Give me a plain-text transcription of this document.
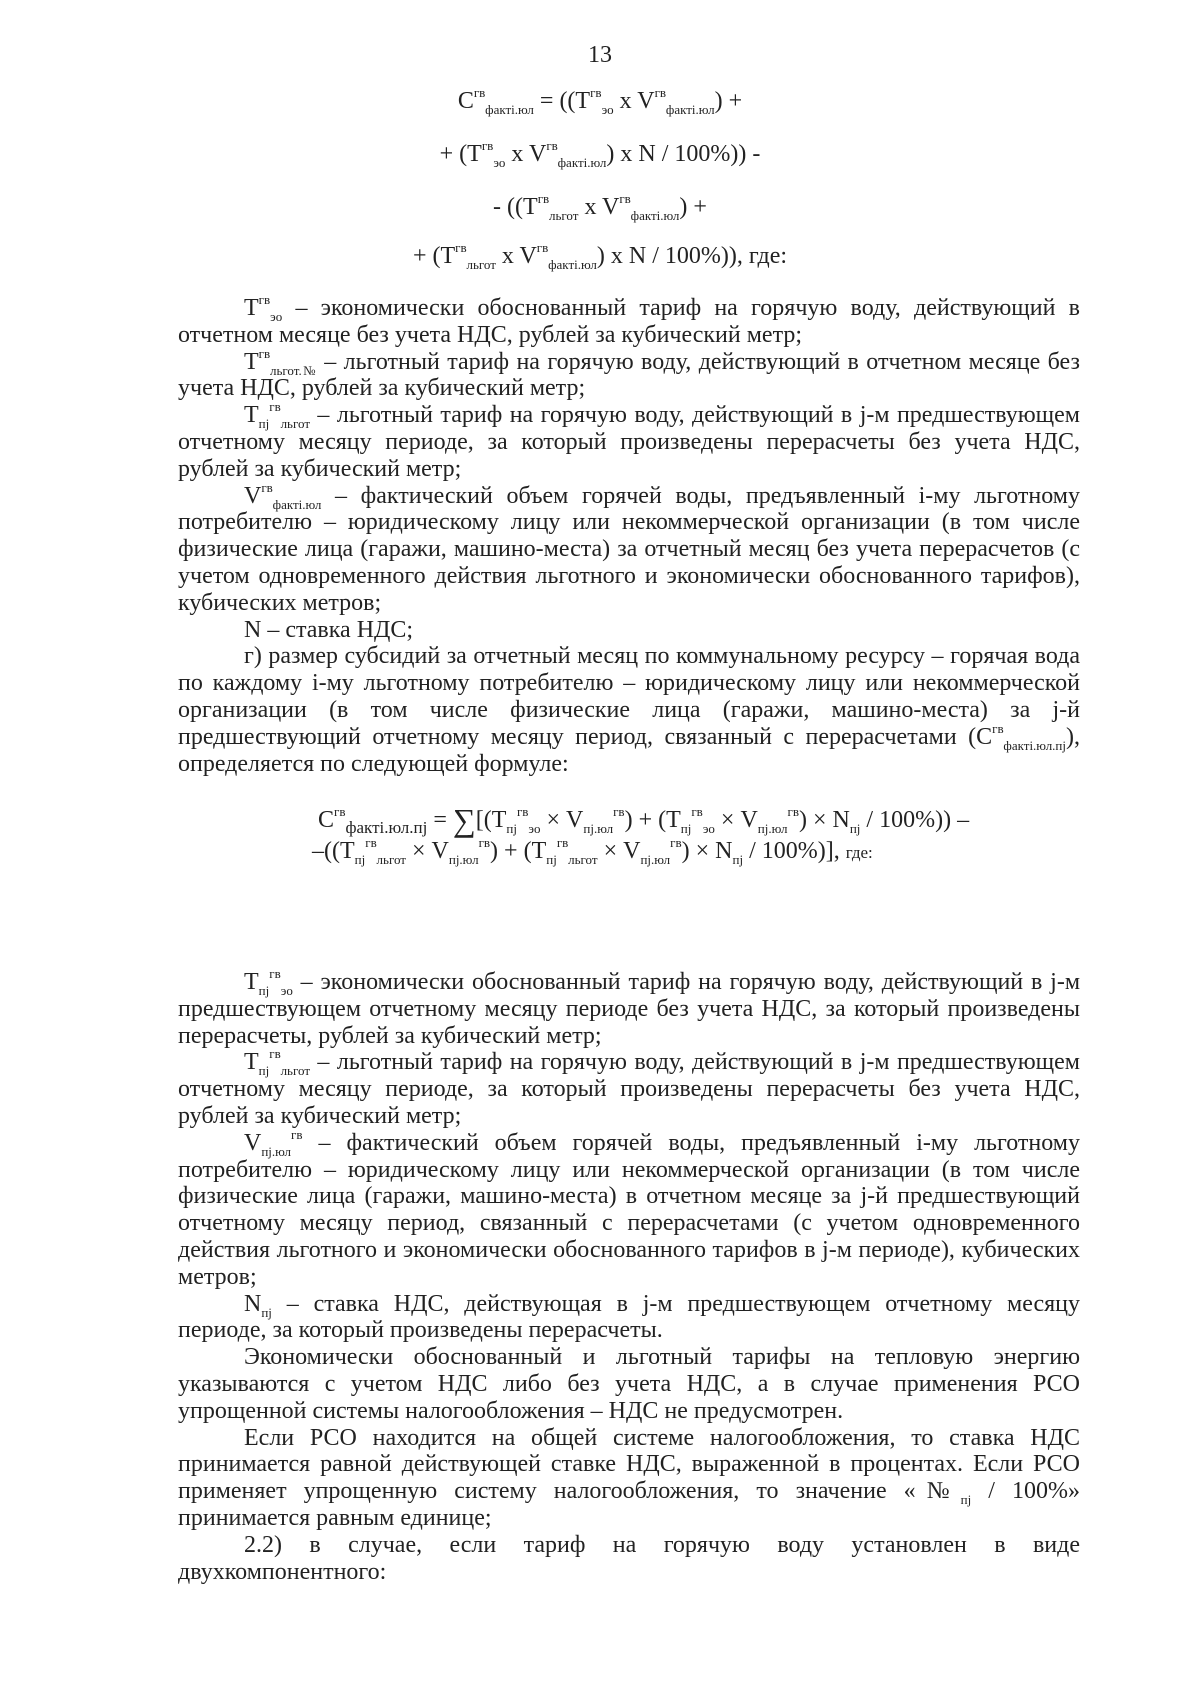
13
$C^{гв}_{фактi.юл} = ((T^{гв}_{эо}$ x $V^{гв}_{фактi.юл}$) +
+ ($T^{гв}_{эо}$ x $V^{гв}_{фактi.юл}$) x N / 100%)) -
- (($T^{гв}_{льгот}$ x $V^{гв}_{фактi.юл}$) +
+ ($T^{гв}_{льгот}$ x $V^{гв}_{фактi.юл}$) x N / 100%)), где:

$T^{гв}_{эо}$ – экономически обоснованный тариф на горячую воду, действующий в отчетном месяце без учета НДС, рублей за кубический метр;

$T^{гв}_{льгот.№}$ – льготный тариф на горячую воду, действующий в отчетном месяце без учета НДС, рублей за кубический метр;

$T_{пj}^{гв}_{льгот}$ – льготный тариф на горячую воду, действующий в j-м предшествующем отчетному месяцу периоде, за который произведены перерасчеты без учета НДС, рублей за кубический метр;

$V^{гв}_{фактi.юл}$ – фактический объем горячей воды, предъявленный i-му льготному потребителю – юридическому лицу или некоммерческой организации (в том числе физические лица (гаражи, машино-места) за отчетный месяц без учета перерасчетов (с учетом одновременного действия льготного и экономически обоснованного тарифов), кубических метров;

N – ставка НДС;

г) размер субсидий за отчетный месяц по коммунальному ресурсу – горячая вода по каждому i-му льготному потребителю – юридическому лицу или некоммерческой организации (в том числе физические лица (гаражи, машино-места) за j-й предшествующий отчетному месяцу период, связанный с перерасчетами $(C^{гв}_{фактi.юл.пj})$, определяется по следующей формуле:

$C^{гв}_{фактi.юл.пj} = \sum[(T_{пj}^{гв}_{эо} \times V_{пj.юл}^{гв}) + (T_{пj}^{гв}_{эо} \times V_{пj.юл}^{гв}) \times N_{пj} / 100\%)$) –
$-((T_{пj}^{гв}_{льгот} \times V_{пj.юл}^{гв}) + (T_{пj}^{гв}_{льгот} \times V_{пj.юл}^{гв}) \times N_{пj} / 100\%)$], где:

$T_{пj}^{гв}_{эо}$ – экономически обоснованный тариф на горячую воду, действующий в j-м предшествующем отчетному месяцу периоде без учета НДС, за который произведены перерасчеты, рублей за кубический метр;

$T_{пj}^{гв}_{льгот}$ – льготный тариф на горячую воду, действующий в j-м предшествующем отчетному месяцу периоде, за который произведены перерасчеты без учета НДС, рублей за кубический метр;

$V_{пj.юл}^{гв}$ – фактический объем горячей воды, предъявленный i-му льготному потребителю – юридическому лицу или некоммерческой организации (в том числе физические лица (гаражи, машино-места) в отчетном месяце за j-й предшествующий отчетному месяцу период, связанный с перерасчетами (с учетом одновременного действия льготного и экономически обоснованного тарифов в j-м периоде), кубических метров;

$N_{пj}$ – ставка НДС, действующая в j-м предшествующем отчетному месяцу периоде, за который произведены перерасчеты.

Экономически обоснованный и льготный тарифы на тепловую энергию указываются с учетом НДС либо без учета НДС, а в случае применения РСО упрощенной системы налогообложения – НДС не предусмотрен.

Если РСО находится на общей системе налогообложения, то ставка НДС принимается равной действующей ставке НДС, выраженной в процентах. Если РСО применяет упрощенную систему налогообложения, то значение «$№_{пj} / 100\%$» принимается равным единице;

2.2) в случае, если тариф на горячую воду установлен в виде двухкомпонентного:
